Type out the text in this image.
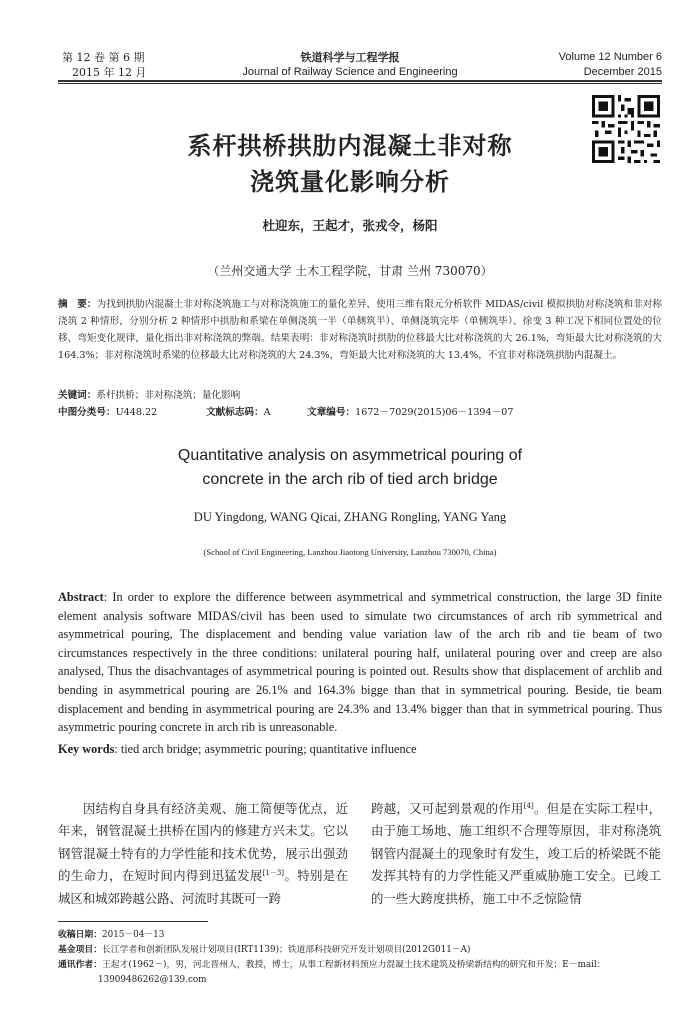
第 12 卷 第 6 期
2015 年 12 月
铁道科学与工程学报
Journal of Railway Science and Engineering
Volume 12 Number 6
December 2015
系杆拱桥拱肋内混凝土非对称
浇筑量化影响分析
杜迎东，王起才，张戎令，杨阳
（兰州交通大学 土木工程学院，甘肃 兰州 730070）
摘　要：为找到拱肋内混凝土非对称浇筑施工与对称浇筑施工的量化差异，使用三维有限元分析软件 MIDAS/civil 模拟拱肋对称浇筑和非对称浇筑 2 种情形，分别分析 2 种情形中拱肋和系梁在单侧浇筑一半（单侧筑半）、单侧浇筑完毕（单侧筑毕）、徐变 3 种工况下相同位置处的位移、弯矩变化规律，量化指出非对称浇筑的弊端。结果表明：非对称浇筑时拱肋的位移最大比对称浇筑的大 26.1%，弯矩最大比对称浇筑的大 164.3%；非对称浇筑时系梁的位移最大比对称浇筑的大 24.3%，弯矩最大比对称浇筑的大 13.4%，不宜非对称浇筑拱肋内混凝土。
关键词：系杆拱桥；非对称浇筑；量化影响
中图分类号：U448.22	文献标志码：A	文章编号：1672－7029(2015)06－1394－07
Quantitative analysis on asymmetrical pouring of
concrete in the arch rib of tied arch bridge
DU Yingdong, WANG Qicai, ZHANG Rongling, YANG Yang
(School of Civil Engineering, Lanzhou Jiaotong University, Lanzhou 730070, China)
Abstract: In order to explore the difference between asymmetrical and symmetrical construction, the large 3D finite element analysis software MIDAS/civil has been used to simulate two circumstances of arch rib symmetrical and asymmetrical pouring, The displacement and bending value variation law of the arch rib and tie beam of two circumstances respectively in the three conditions: unilateral pouring half, unilateral pouring over and creep are also analysed, Thus the disachvantages of asymmetrical pouring is pointed out. Results show that displacement of archlib and bending in asymmetrical pouring are 26.1% and 164.3% bigge than that in symmetrical pouring. Beside, tie beam displacement and bending in asymmetrical pouring are 24.3% and 13.4% bigger than that in symmetrical pouring. Thus asymmetric pouring concrete in arch rib is unreasonable.
Key words: tied arch bridge; asymmetric pouring; quantitative influence
因结构自身具有经济美观、施工简便等优点，近年来，钢管混凝土拱桥在国内的修建方兴未艾。它以钢管混凝土特有的力学性能和技术优势，展示出强劲的生命力，在短时间内得到迅猛发展[1－3]。特别是在城区和城郊跨越公路、河流时其既可一跨
跨越，又可起到景观的作用[4]。但是在实际工程中，由于施工场地、施工组织不合理等原因，非对称浇筑钢管内混凝土的现象时有发生，竣工后的桥梁既不能发挥其特有的力学性能又严重威胁施工安全。已竣工的一些大跨度拱桥，施工中不乏惊险情
收稿日期：2015－04－13
基金项目：长江学者和创新团队发展计划项目(IRT1139)；铁道部科技研究开发计划项目(2012G011－A)
通讯作者：王起才(1962－)，男，河北晋州人，教授，博士，从事工程新材料预应力混凝土技术建筑及桥梁新结构的研究和开发；E－mail：
13909486262@139.com
